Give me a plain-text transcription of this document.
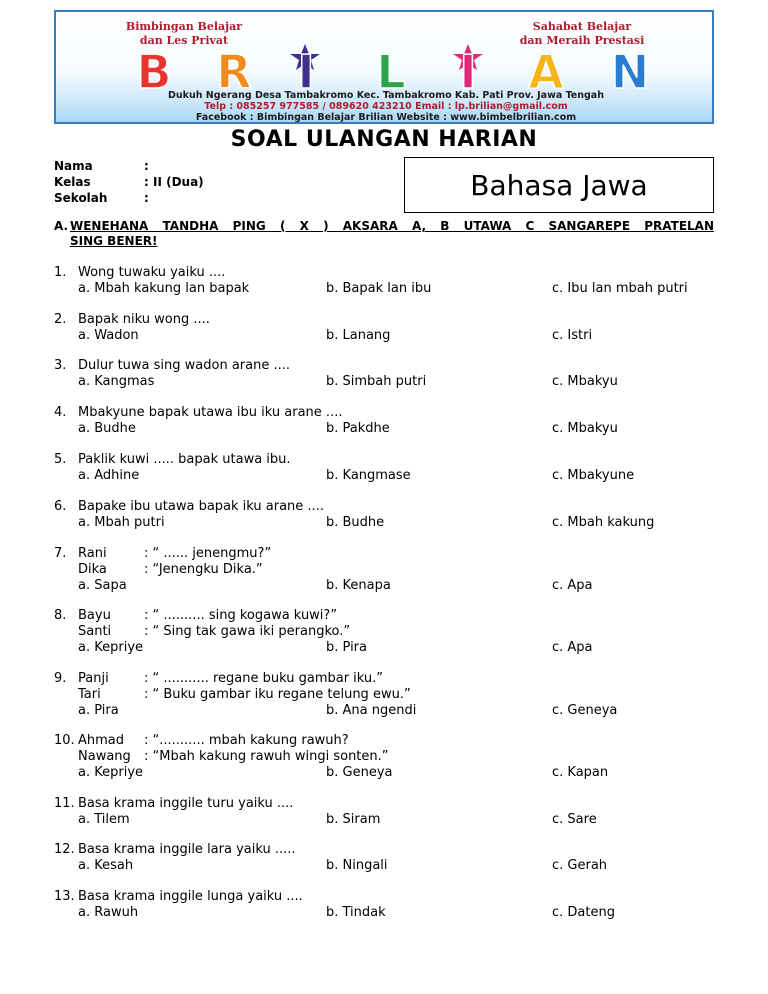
Bimbingan Belajar
dan Les Privat
Sahabat Belajar
dan Meraih Prestasi
B R I L I A N
Dukuh Ngerang Desa Tambakromo Kec. Tambakromo Kab. Pati Prov. Jawa Tengah
Telp : 085257 977585 / 089620 423210 Email : lp.brilian@gmail.com
Facebook : Bimbingan Belajar Brilian Website : www.bimbelbrilian.com
SOAL ULANGAN HARIAN
Nama	:
Kelas	: II (Dua)
Sekolah	:	Bahasa Jawa
A. WENEHANA TANDHA PING ( X ) AKSARA A, B UTAWA C SANGAREPE PRATELAN
SING BENER!
1. Wong tuwaku yaiku ....
a. Mbah kakung lan bapak	b. Bapak lan ibu	c. Ibu lan mbah putri
2. Bapak niku wong ....
a. Wadon	b. Lanang	c. Istri
3. Dulur tuwa sing wadon arane ....
a. Kangmas	b. Simbah putri	c. Mbakyu
4. Mbakyune bapak utawa ibu iku arane ....
a. Budhe	b. Pakdhe	c. Mbakyu
5. Paklik kuwi ..... bapak utawa ibu.
a. Adhine	b. Kangmase	c. Mbakyune
6. Bapake ibu utawa bapak iku arane ....
a. Mbah putri	b. Budhe	c. Mbah kakung
7. Rani	: “ ...... jenengmu?”
Dika	: “Jenengku Dika.”
a. Sapa	b. Kenapa	c. Apa
8. Bayu	: “ .......... sing kogawa kuwi?”
Santi	: “ Sing tak gawa iki perangko.”
a. Kepriye	b. Pira	c. Apa
9. Panji	: “ ........... regane buku gambar iku.”
Tari	: “ Buku gambar iku regane telung ewu.”
a. Pira	b. Ana ngendi	c. Geneya
10. Ahmad : “........... mbah kakung rawuh?
Nawang : “Mbah kakung rawuh wingi sonten.”
a. Kepriye	b. Geneya	c. Kapan
11. Basa krama inggile turu yaiku ....
a. Tilem	b. Siram	c. Sare
12. Basa krama inggile lara yaiku .....
a. Kesah	b. Ningali	c. Gerah
13. Basa krama inggile lunga yaiku ....
a. Rawuh	b. Tindak	c. Dateng
